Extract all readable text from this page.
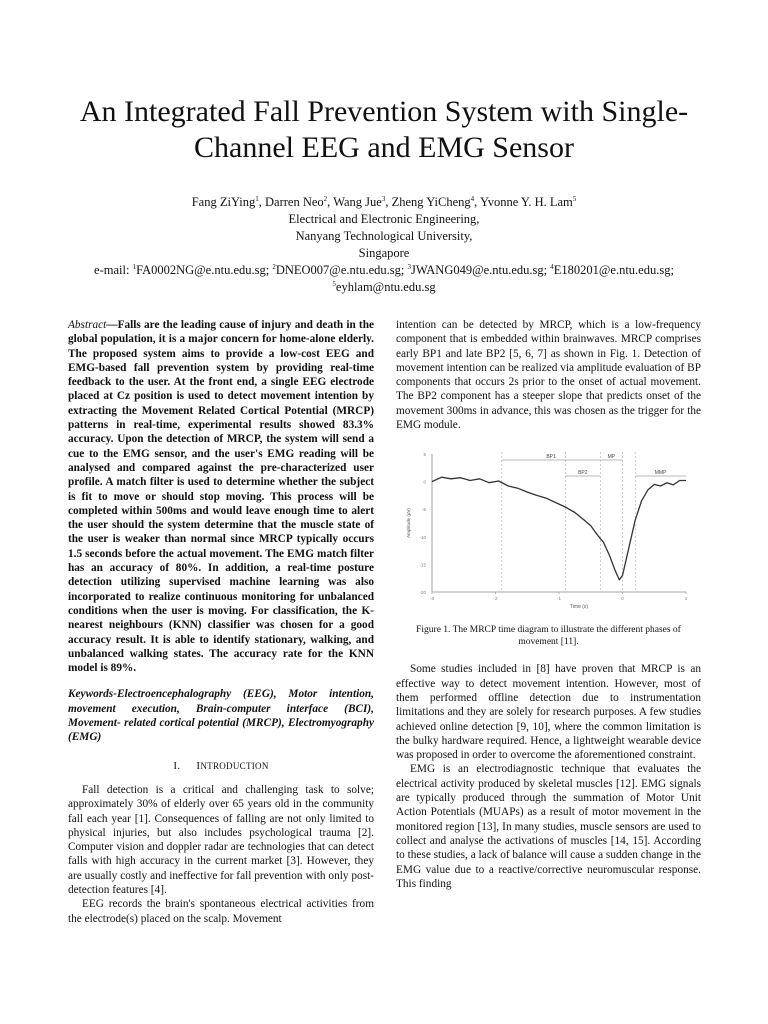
An Integrated Fall Prevention System with Single-
Channel EEG and EMG Sensor
Fang ZiYing$^1$, Darren Neo$^2$, Wang Jue$^3$, Zheng YiCheng$^4$, Yvonne Y. H. Lam$^5$
Electrical and Electronic Engineering,
Nanyang Technological University,
Singapore
e-mail: $^1$FA0002NG@e.ntu.edu.sg; $^2$DNEO007@e.ntu.edu.sg; $^3$JWANG049@e.ntu.edu.sg; $^4$E180201@e.ntu.edu.sg;
$^5$eyhlam@ntu.edu.sg
Abstract—Falls are the leading cause of injury and death in the global population, it is a major concern for home-alone elderly. The proposed system aims to provide a low-cost EEG and EMG-based fall prevention system by providing real-time feedback to the user. At the front end, a single EEG electrode placed at Cz position is used to detect movement intention by extracting the Movement Related Cortical Potential (MRCP) patterns in real-time, experimental results showed 83.3% accuracy. Upon the detection of MRCP, the system will send a cue to the EMG sensor, and the user's EMG reading will be analysed and compared against the pre-characterized user profile. A match filter is used to determine whether the subject is fit to move or should stop moving. This process will be completed within 500ms and would leave enough time to alert the user should the system determine that the muscle state of the user is weaker than normal since MRCP typically occurs 1.5 seconds before the actual movement. The EMG match filter has an accuracy of 80%. In addition, a real-time posture detection utilizing supervised machine learning was also incorporated to realize continuous monitoring for unbalanced conditions when the user is moving. For classification, the K-nearest neighbours (KNN) classifier was chosen for a good accuracy result. It is able to identify stationary, walking, and unbalanced walking states. The accuracy rate for the KNN model is 89%.
Keywords-Electroencephalography (EEG), Motor intention, movement execution, Brain-computer interface (BCI), Movement- related cortical potential (MRCP), Electromyography (EMG)
I. INTRODUCTION

Fall detection is a critical and challenging task to solve; approximately 30% of elderly over 65 years old in the community fall each year [1]. Consequences of falling are not only limited to physical injuries, but also includes psychological trauma [2]. Computer vision and doppler radar are technologies that can detect falls with high accuracy in the current market [3]. However, they are usually costly and ineffective for fall prevention with only post-detection features [4].

EEG records the brain's spontaneous electrical activities from the electrode(s) placed on the scalp. Movement

intention can be detected by MRCP, which is a low-frequency component that is embedded within brainwaves. MRCP comprises early BP1 and late BP2 [5, 6, 7] as shown in Fig. 1. Detection of movement intention can be realized via amplitude evaluation of BP components that occurs 2s prior to the onset of actual movement. The BP2 component has a steeper slope that predicts onset of the movement 300ms in advance, this was chosen as the trigger for the EMG module.

5
0
-5
-10
-15
-20
-3	-2	-1	0	1
Amplitude (μV)
Time (s)
BP1	MP
BP2	MMP
Figure 1. The MRCP time diagram to illustrate the different phases of movement [11].

Some studies included in [8] have proven that MRCP is an effective way to detect movement intention. However, most of them performed offline detection due to instrumentation limitations and they are solely for research purposes. A few studies achieved online detection [9, 10], where the common limitation is the bulky hardware required. Hence, a lightweight wearable device was proposed in order to overcome the aforementioned constraint.

EMG is an electrodiagnostic technique that evaluates the electrical activity produced by skeletal muscles [12]. EMG signals are typically produced through the summation of Motor Unit Action Potentials (MUAPs) as a result of motor movement in the monitored region [13], In many studies, muscle sensors are used to collect and analyse the activations of muscles [14, 15]. According to these studies, a lack of balance will cause a sudden change in the EMG value due to a reactive/corrective neuromuscular response. This finding
